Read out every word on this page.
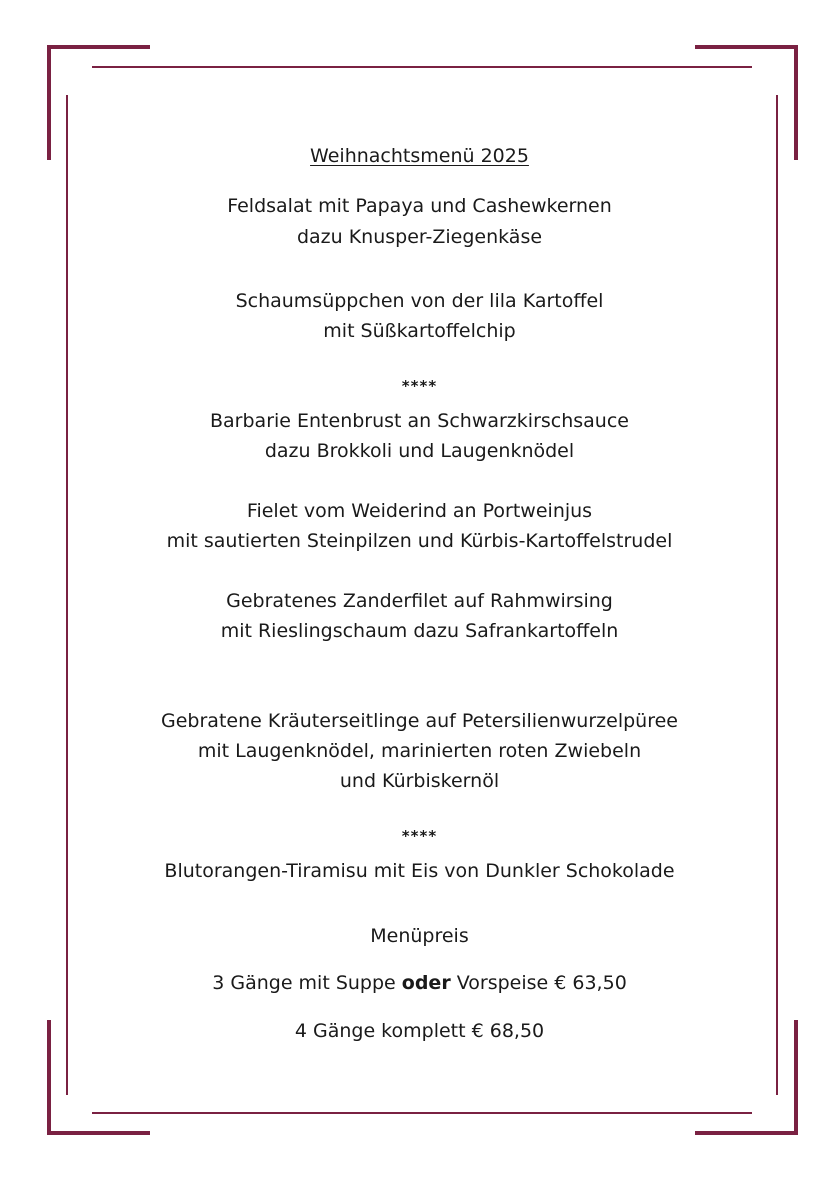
Weihnachtsmenü 2025
Feldsalat mit Papaya und Cashewkernen
dazu Knusper-Ziegenkäse
Schaumsüppchen von der lila Kartoffel
mit Süßkartoffelchip
****
Barbarie Entenbrust an Schwarzkirschsauce
dazu Brokkoli und Laugenknödel
Fielet vom Weiderind an Portweinjus
mit sautierten Steinpilzen und Kürbis-Kartoffelstrudel
Gebratenes Zanderfilet auf Rahmwirsing
mit Rieslingschaum dazu Safrankartoffeln
Gebratene Kräuterseitlinge auf Petersilienwurzelpüree
mit Laugenknödel, marinierten roten Zwiebeln
und Kürbiskernöl
****
Blutorangen-Tiramisu mit Eis von Dunkler Schokolade
Menüpreis
3 Gänge mit Suppe oder Vorspeise € 63,50
4 Gänge komplett € 68,50
